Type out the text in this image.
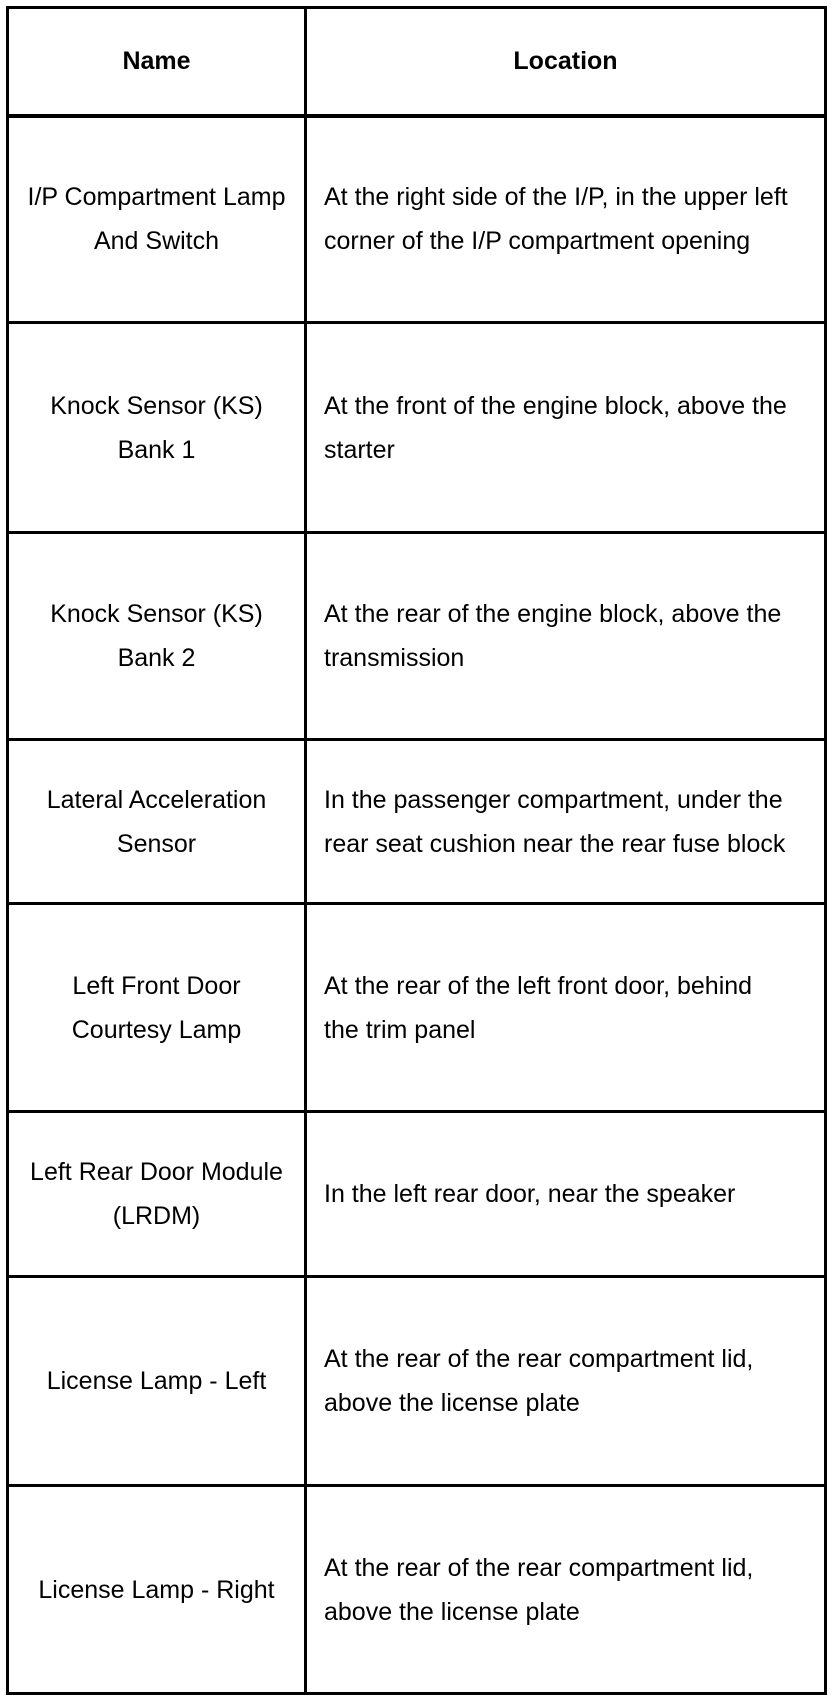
Name	Location
I/P Compartment Lamp And Switch	At the right side of the I/P, in the upper left corner of the I/P compartment opening
Knock Sensor (KS) Bank 1	At the front of the engine block, above the starter
Knock Sensor (KS) Bank 2	At the rear of the engine block, above the transmission
Lateral Acceleration Sensor	In the passenger compartment, under the rear seat cushion near the rear fuse block
Left Front Door Courtesy Lamp	At the rear of the left front door, behind the trim panel
Left Rear Door Module (LRDM)	In the left rear door, near the speaker
License Lamp - Left	At the rear of the rear compartment lid, above the license plate
License Lamp - Right	At the rear of the rear compartment lid, above the license plate
